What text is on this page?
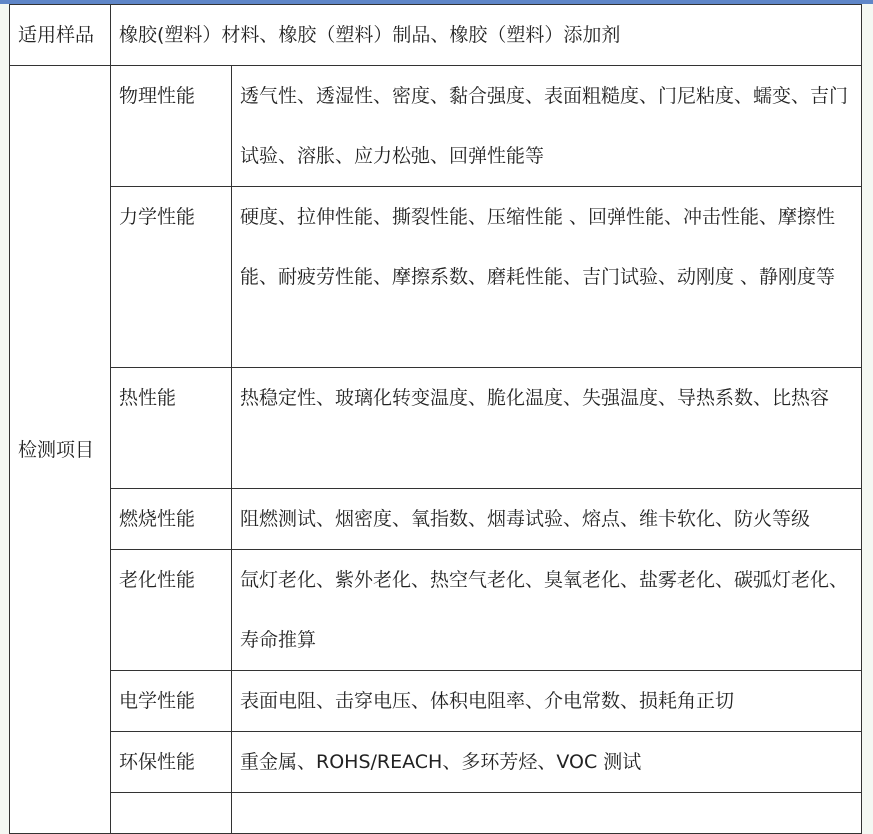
适用样品	橡胶(塑料）材料、橡胶（塑料）制品、橡胶（塑料）添加剂	
检测项目	物理性能	透气性、透湿性、密度、黏合强度、表面粗糙度、门尼粘度、蠕变、吉门试验、溶胀、应力松弛、回弹性能等
	力学性能	硬度、拉伸性能、撕裂性能、压缩性能 、回弹性能、冲击性能、摩擦性能、耐疲劳性能、摩擦系数、磨耗性能、吉门试验、动刚度 、静刚度等
	热性能	热稳定性、玻璃化转变温度、脆化温度、失强温度、导热系数、比热容
	燃烧性能	阻燃测试、烟密度、氧指数、烟毒试验、熔点、维卡软化、防火等级
	老化性能	氙灯老化、紫外老化、热空气老化、臭氧老化、盐雾老化、碳弧灯老化、寿命推算
	电学性能	表面电阻、击穿电压、体积电阻率、介电常数、损耗角正切
	环保性能	重金属、ROHS/REACH、多环芳烃、VOC 测试
